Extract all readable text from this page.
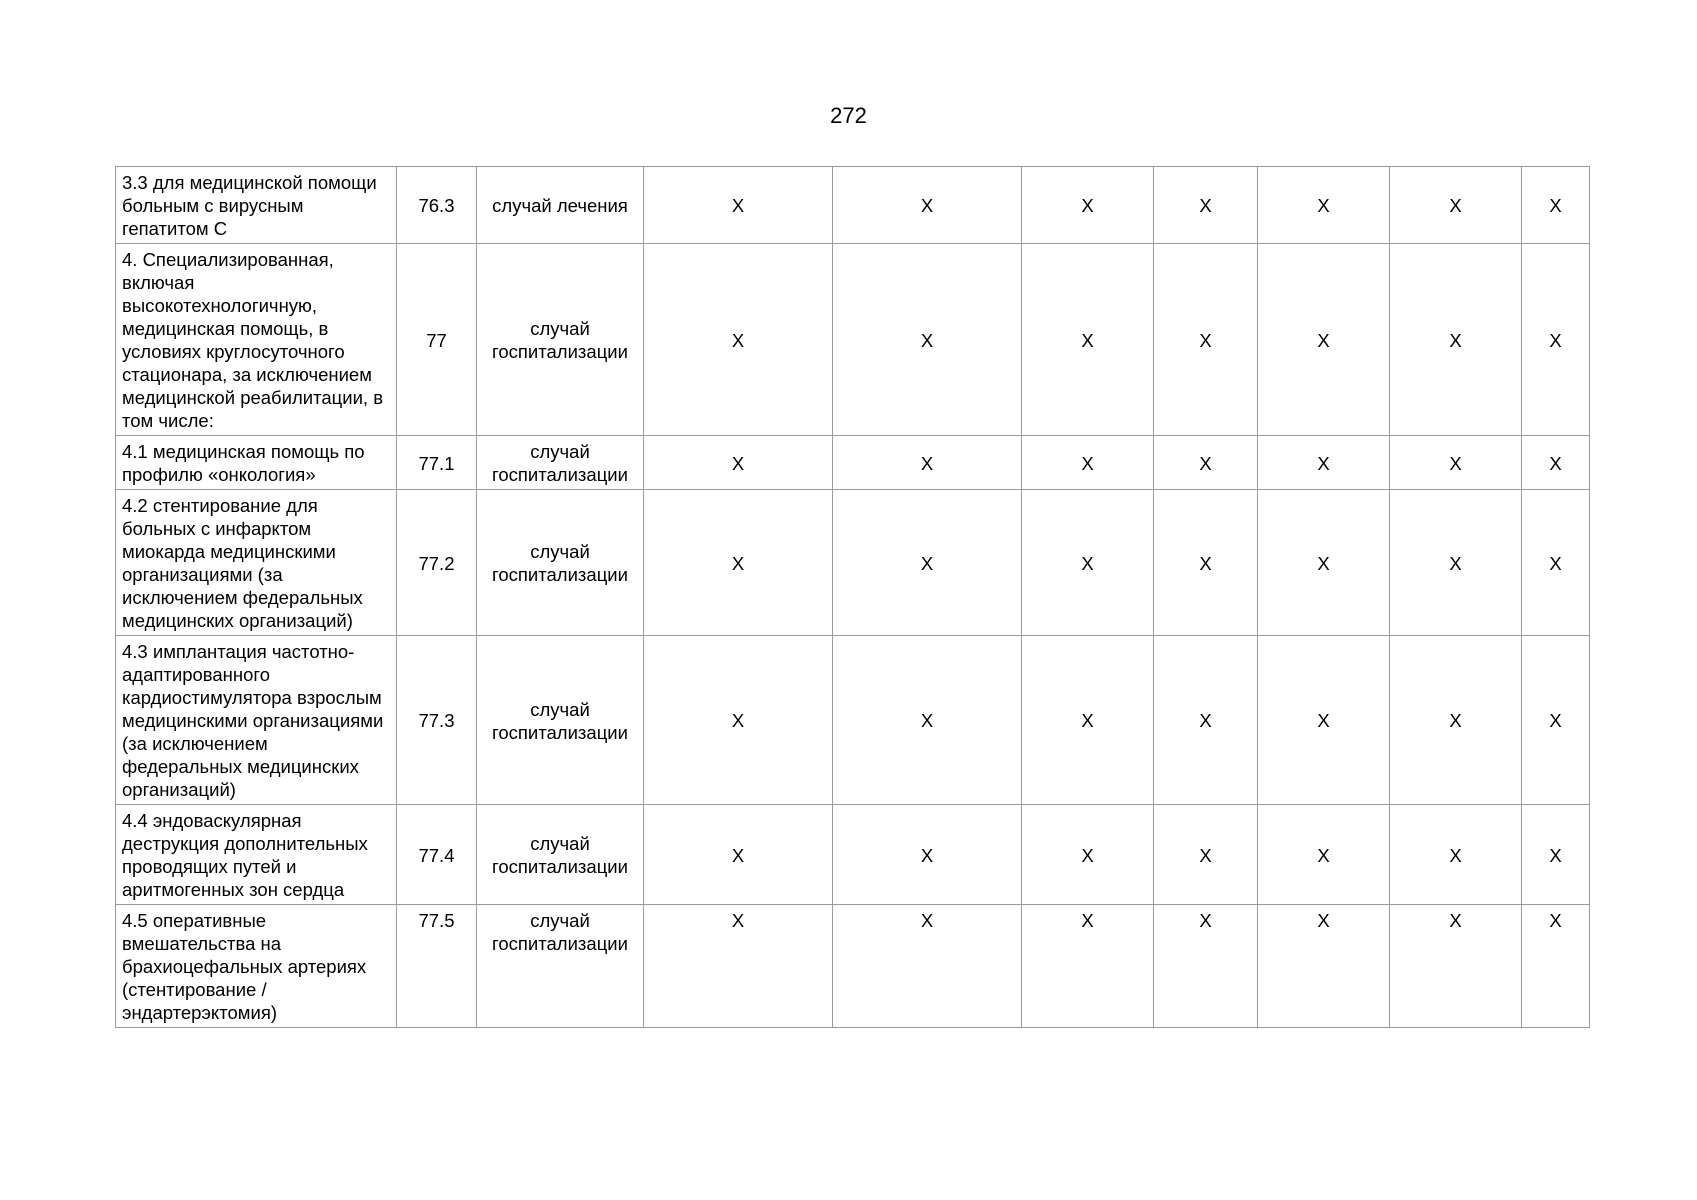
272
3.3 для медицинской помощи больным с вирусным гепатитом С	76.3	случай лечения	X	X	X	X	X	X	X
4. Специализированная, включая высокотехнологичную, медицинская помощь, в условиях круглосуточного стационара, за исключением медицинской реабилитации, в том числе:	77	случай госпитализации	X	X	X	X	X	X	X
4.1 медицинская помощь по профилю «онкология»	77.1	случай госпитализации	X	X	X	X	X	X	X
4.2 стентирование для больных с инфарктом миокарда медицинскими организациями (за исключением федеральных медицинских организаций)	77.2	случай госпитализации	X	X	X	X	X	X	X
4.3 имплантация частотно-адаптированного кардиостимулятора взрослым медицинскими организациями (за исключением федеральных медицинских организаций)	77.3	случай госпитализации	X	X	X	X	X	X	X
4.4 эндоваскулярная деструкция дополнительных проводящих путей и аритмогенных зон сердца	77.4	случай госпитализации	X	X	X	X	X	X	X
4.5 оперативные вмешательства на брахиоцефальных артериях (стентирование / эндартерэктомия)	77.5	случай госпитализации	X	X	X	X	X	X	X
